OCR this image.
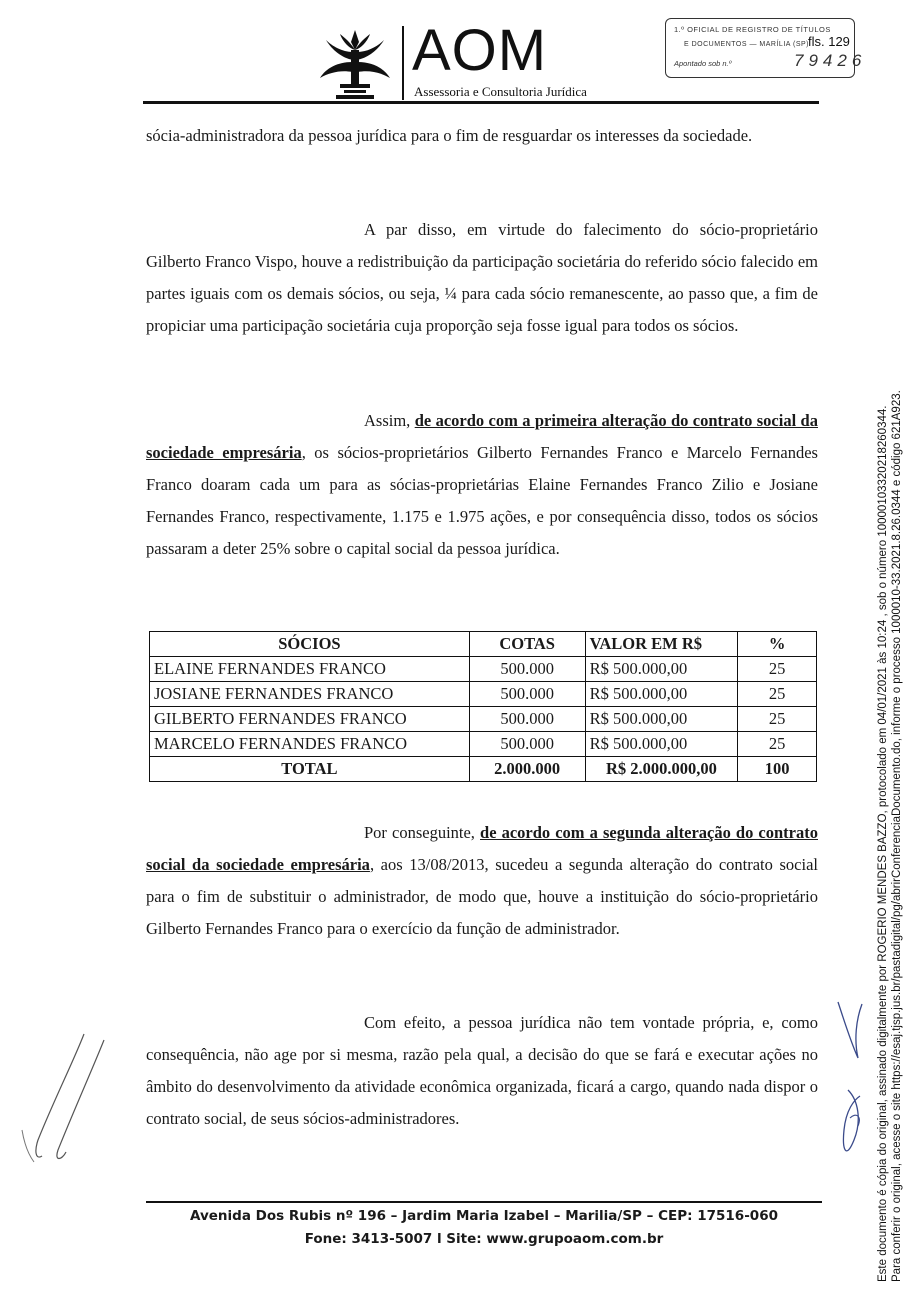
AOM
Assessoria e Consultoria Jurídica
1.º OFICIAL DE REGISTRO DE TÍTULOS
E DOCUMENTOS — MARÍLIA (SP)
Apontado sob n.º	79426
fls. 129

sócia-administradora da pessoa jurídica para o fim de resguardar os interesses da sociedade.

A par disso, em virtude do falecimento do sócio-proprietário Gilberto Franco Vispo, houve a redistribuição da participação societária do referido sócio falecido em partes iguais com os demais sócios, ou seja, ¼ para cada sócio remanescente, ao passo que, a fim de propiciar uma participação societária cuja proporção seja fosse igual para todos os sócios.

Assim, de acordo com a primeira alteração do contrato social da sociedade empresária, os sócios-proprietários Gilberto Fernandes Franco e Marcelo Fernandes Franco doaram cada um para as sócias-proprietárias Elaine Fernandes Franco Zilio e Josiane Fernandes Franco, respectivamente, 1.175 e 1.975 ações, e por consequência disso, todos os sócios passaram a deter 25% sobre o capital social da pessoa jurídica.

SÓCIOS	COTAS	VALOR EM R$	%
ELAINE FERNANDES FRANCO	500.000	R$ 500.000,00	25
JOSIANE FERNANDES FRANCO	500.000	R$ 500.000,00	25
GILBERTO FERNANDES FRANCO	500.000	R$ 500.000,00	25
MARCELO FERNANDES FRANCO	500.000	R$ 500.000,00	25
TOTAL	2.000.000	R$ 2.000.000,00	100

Por conseguinte, de acordo com a segunda alteração do contrato social da sociedade empresária, aos 13/08/2013, sucedeu a segunda alteração do contrato social para o fim de substituir o administrador, de modo que, houve a instituição do sócio-proprietário Gilberto Fernandes Franco para o exercício da função de administrador.

Com efeito, a pessoa jurídica não tem vontade própria, e, como consequência, não age por si mesma, razão pela qual, a decisão do que se fará e executar ações no âmbito do desenvolvimento da atividade econômica organizada, ficará a cargo, quando nada dispor o contrato social, de seus sócios-administradores.

Avenida Dos Rubis nº 196 – Jardim Maria Izabel – Marilia/SP – CEP: 17516-060
Fone: 3413-5007 l Site: www.grupoaom.com.br	Este documento é cópia do original, assinado digitalmente por ROGERIO MENDES BAZZO, protocolado em 04/01/2021 às 10:24 , sob o número 10000103320218260344. Para conferir o original, acesse o site https://esaj.tjsp.jus.br/pastadigital/pg/abrirConferenciaDocumento.do, informe o processo 1000010-33.2021.8.26.0344 e código 621A923.
